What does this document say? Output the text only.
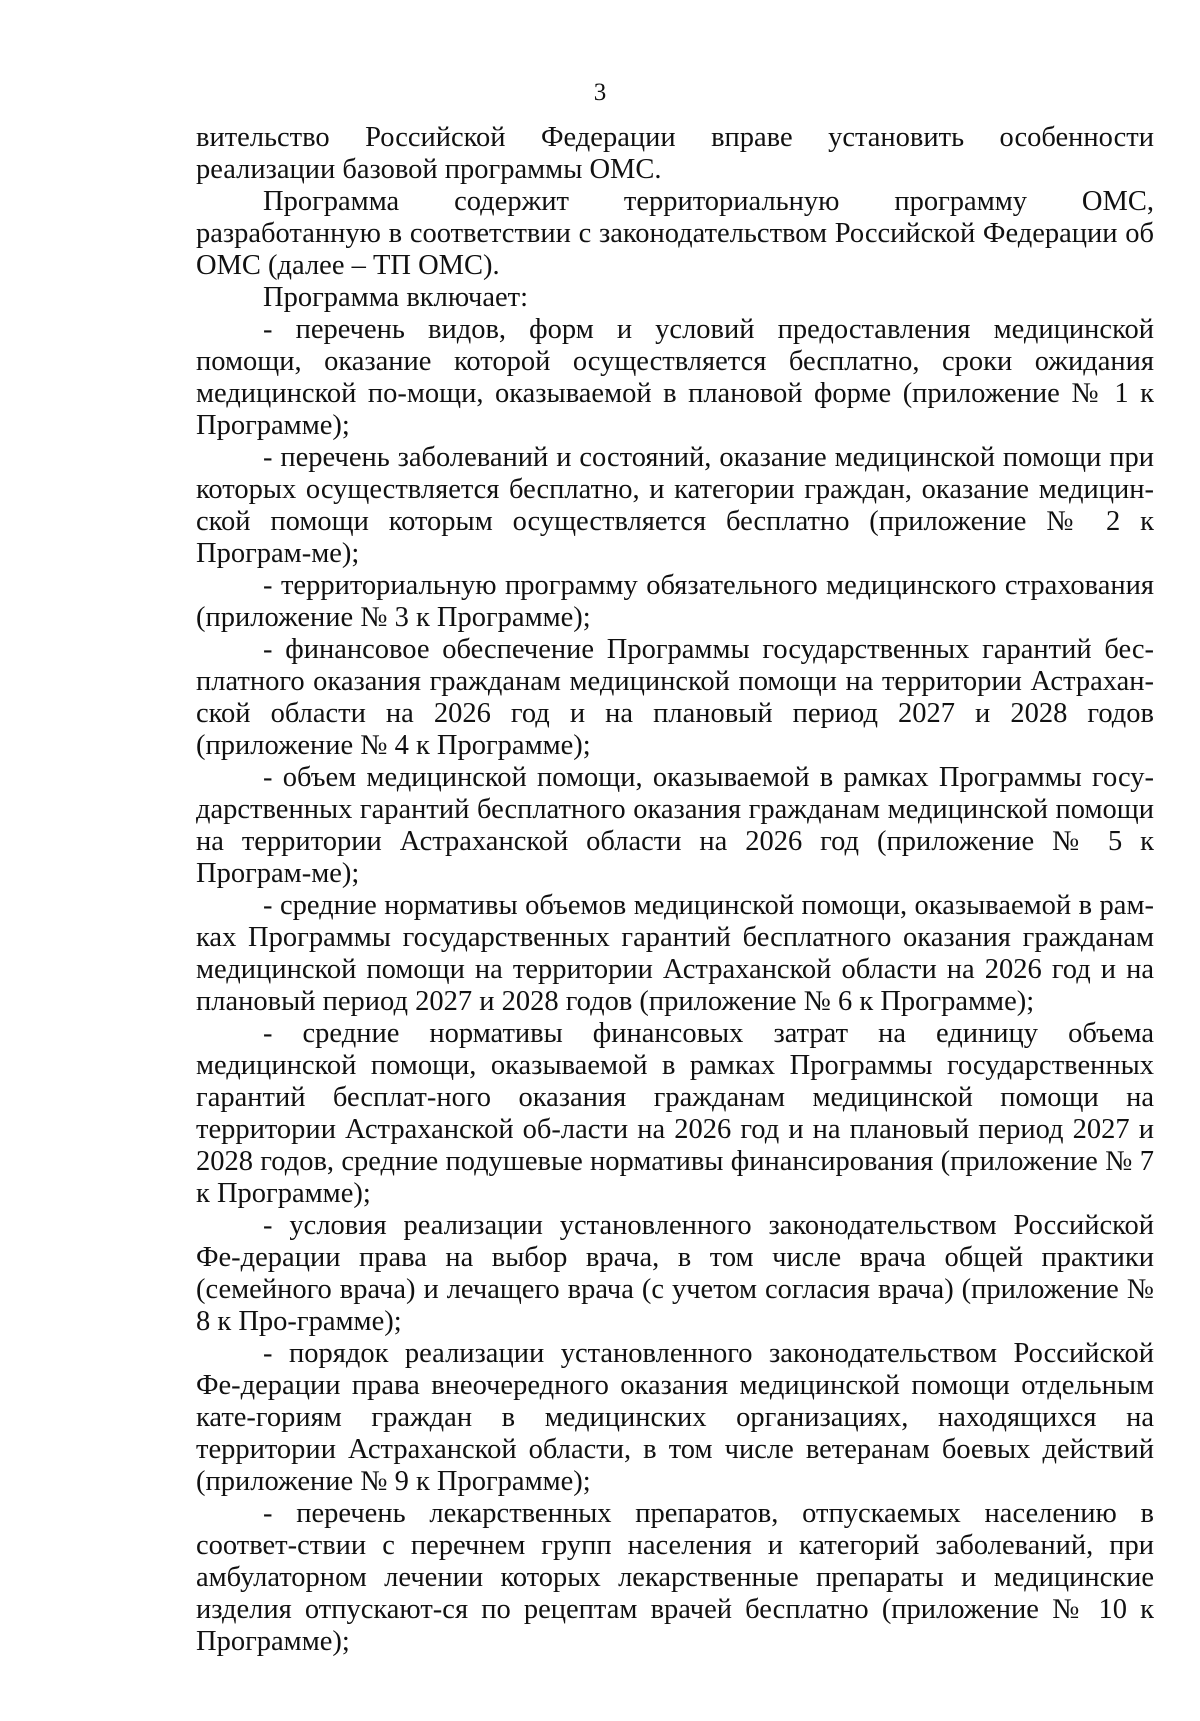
3

вительство Российской Федерации вправе установить особенности реализации базовой программы ОМС.

Программа содержит территориальную программу ОМС, разработанную в соответствии с законодательством Российской Федерации об ОМС (далее – ТП ОМС).

Программа включает:

- перечень видов, форм и условий предоставления медицинской помощи, оказание которой осуществляется бесплатно, сроки ожидания медицинской по-мощи, оказываемой в плановой форме (приложение № 1 к Программе);

- перечень заболеваний и состояний, оказание медицинской помощи при которых осуществляется бесплатно, и категории граждан, оказание медицин-ской помощи которым осуществляется бесплатно (приложение № 2 к Програм-ме);

- территориальную программу обязательного медицинского страхования (приложение № 3 к Программе);

- финансовое обеспечение Программы государственных гарантий бес-платного оказания гражданам медицинской помощи на территории Астрахан-ской области на 2026 год и на плановый период 2027 и 2028 годов (приложение № 4 к Программе);

- объем медицинской помощи, оказываемой в рамках Программы госу-дарственных гарантий бесплатного оказания гражданам медицинской помощи на территории Астраханской области на 2026 год (приложение № 5 к Програм-ме);

- средние нормативы объемов медицинской помощи, оказываемой в рам-ках Программы государственных гарантий бесплатного оказания гражданам медицинской помощи на территории Астраханской области на 2026 год и на плановый период 2027 и 2028 годов (приложение № 6 к Программе);

- средние нормативы финансовых затрат на единицу объема медицинской помощи, оказываемой в рамках Программы государственных гарантий бесплат-ного оказания гражданам медицинской помощи на территории Астраханской об-ласти на 2026 год и на плановый период 2027 и 2028 годов, средние подушевые нормативы финансирования (приложение № 7 к Программе);

- условия реализации установленного законодательством Российской Фе-дерации права на выбор врача, в том числе врача общей практики (семейного врача) и лечащего врача (с учетом согласия врача) (приложение № 8 к Про-грамме);

- порядок реализации установленного законодательством Российской Фе-дерации права внеочередного оказания медицинской помощи отдельным кате-гориям граждан в медицинских организациях, находящихся на территории Астраханской области, в том числе ветеранам боевых действий (приложение № 9 к Программе);

- перечень лекарственных препаратов, отпускаемых населению в соответ-ствии с перечнем групп населения и категорий заболеваний, при амбулаторном лечении которых лекарственные препараты и медицинские изделия отпускают-ся по рецептам врачей бесплатно (приложение № 10 к Программе);
